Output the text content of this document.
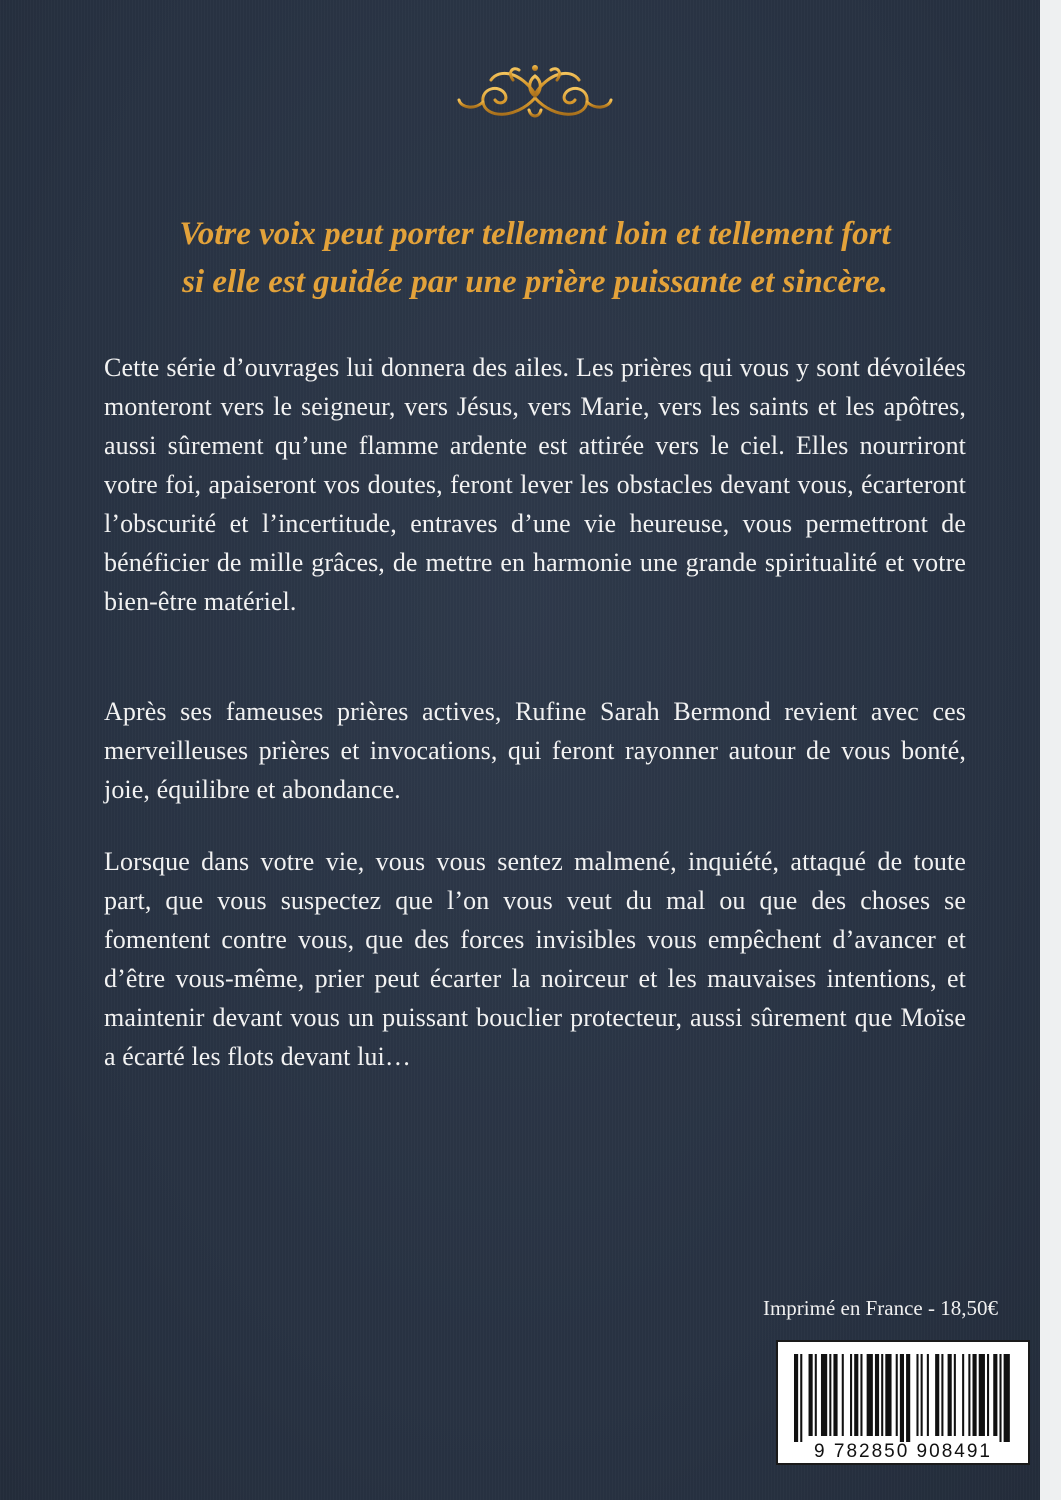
Votre voix peut porter tellement loin et tellement fort
si elle est guidée par une prière puissante et sincère.

Cette série d’ouvrages lui donnera des ailes. Les prières qui vous y sont dévoilées monteront vers le seigneur, vers Jésus, vers Marie, vers les saints et les apôtres, aussi sûrement qu’une flamme ardente est attirée vers le ciel. Elles nourriront votre foi, apaiseront vos doutes, feront lever les obstacles devant vous, écarteront l’obscurité et l’incertitude, entraves d’une vie heureuse, vous permettront de bénéficier de mille grâces, de mettre en harmonie une grande spiritualité et votre bien-être matériel.

Après ses fameuses prières actives, Rufine Sarah Bermond revient avec ces merveilleuses prières et invocations, qui feront rayonner autour de vous bonté, joie, équilibre et abondance.

Lorsque dans votre vie, vous vous sentez malmené, inquiété, attaqué de toute part, que vous suspectez que l’on vous veut du mal ou que des choses se fomentent contre vous, que des forces invisibles vous empêchent d’avancer et d’être vous-même, prier peut écarter la noirceur et les mauvaises intentions, et maintenir devant vous un puissant bouclier protecteur, aussi sûrement que Moïse a écarté les flots devant lui…

Imprimé en France - 18,50€

9 782850 908491
